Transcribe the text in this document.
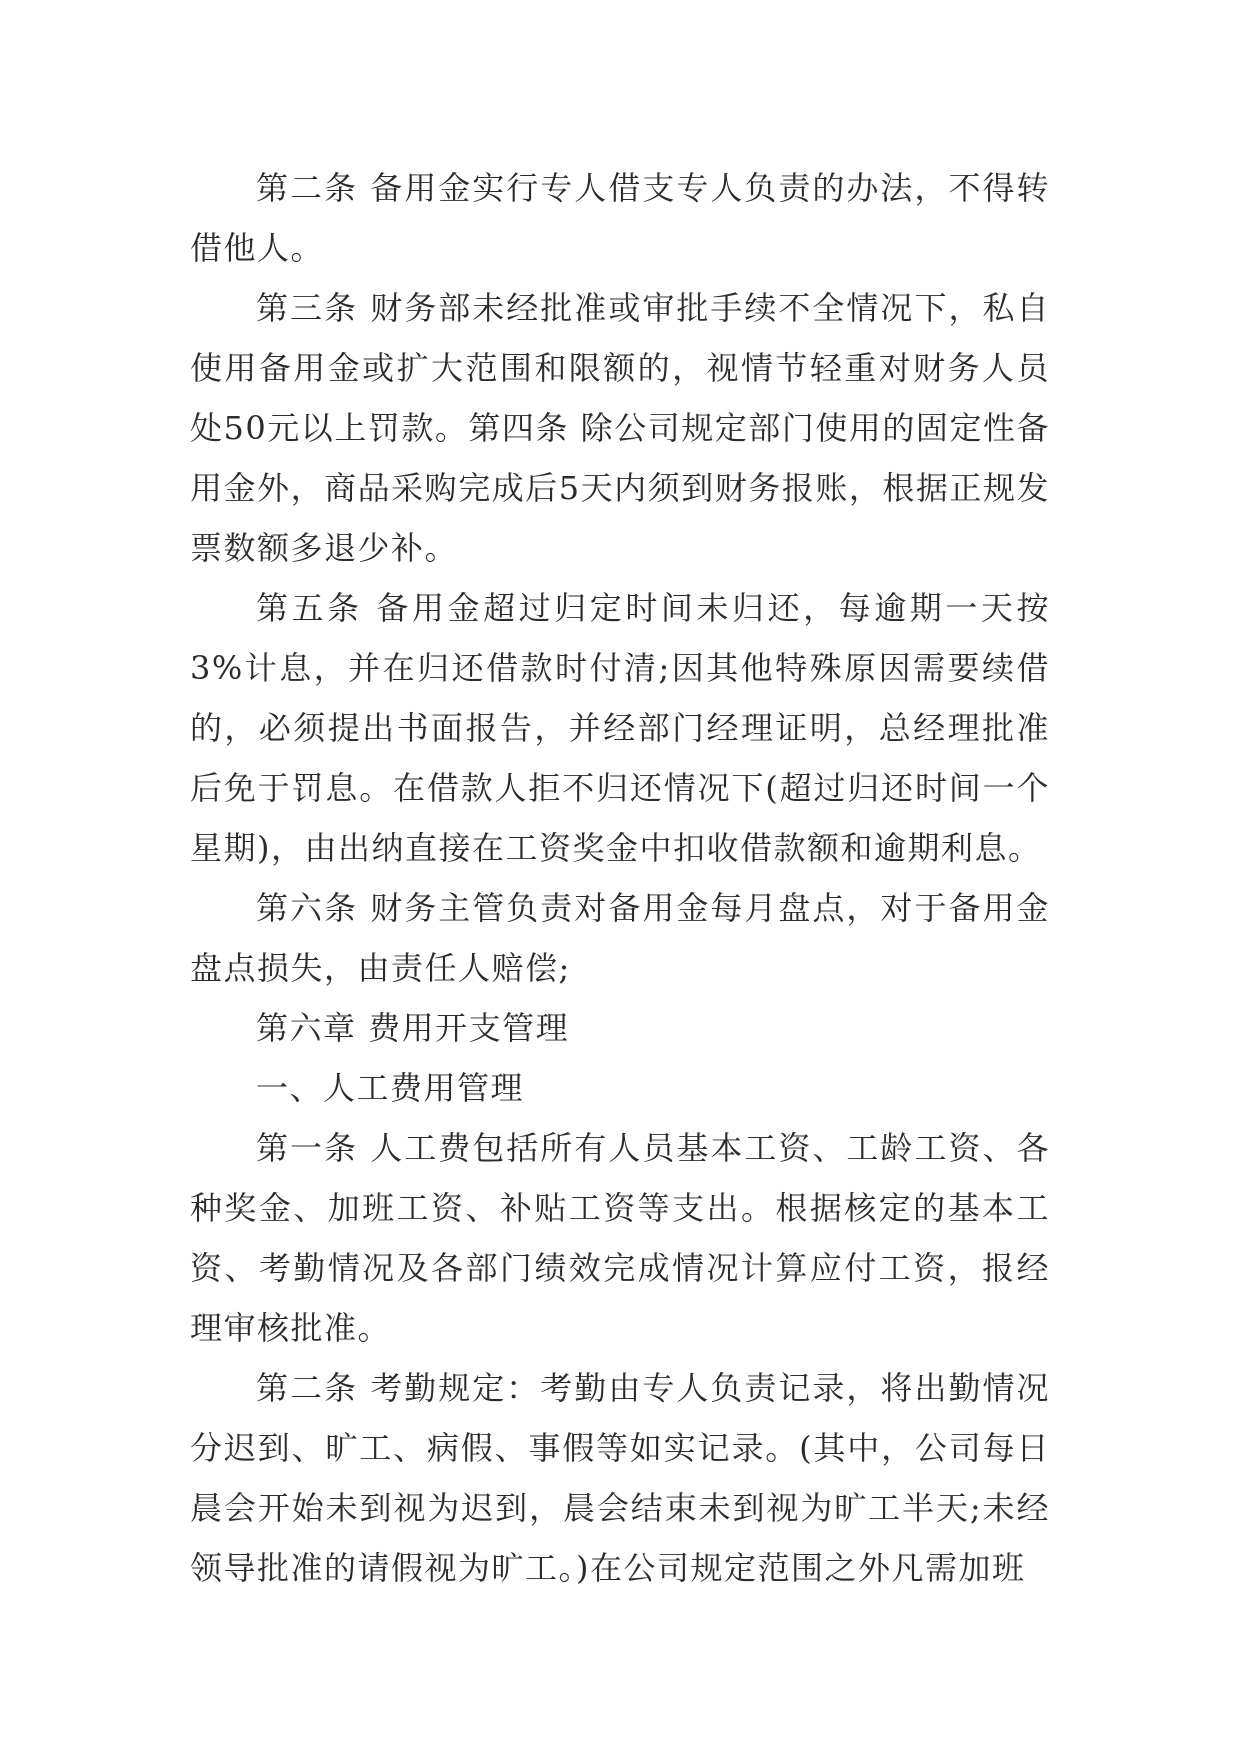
第二条 备用金实行专人借支专人负责的办法，不得转借他人。

第三条 财务部未经批准或审批手续不全情况下，私自使用备用金或扩大范围和限额的，视情节轻重对财务人员处50元以上罚款。第四条 除公司规定部门使用的固定性备用金外，商品采购完成后5天内须到财务报账，根据正规发票数额多退少补。

第五条 备用金超过归定时间未归还，每逾期一天按3%计息，并在归还借款时付清;因其他特殊原因需要续借的，必须提出书面报告，并经部门经理证明，总经理批准后免于罚息。在借款人拒不归还情况下(超过归还时间一个星期)，由出纳直接在工资奖金中扣收借款额和逾期利息。

第六条 财务主管负责对备用金每月盘点，对于备用金盘点损失，由责任人赔偿;

第六章 费用开支管理

一、人工费用管理

第一条 人工费包括所有人员基本工资、工龄工资、各种奖金、加班工资、补贴工资等支出。根据核定的基本工资、考勤情况及各部门绩效完成情况计算应付工资，报经理审核批准。

第二条 考勤规定：考勤由专人负责记录，将出勤情况分迟到、旷工、病假、事假等如实记录。(其中，公司每日晨会开始未到视为迟到，晨会结束未到视为旷工半天;未经领导批准的请假视为旷工。)在公司规定范围之外凡需加班
